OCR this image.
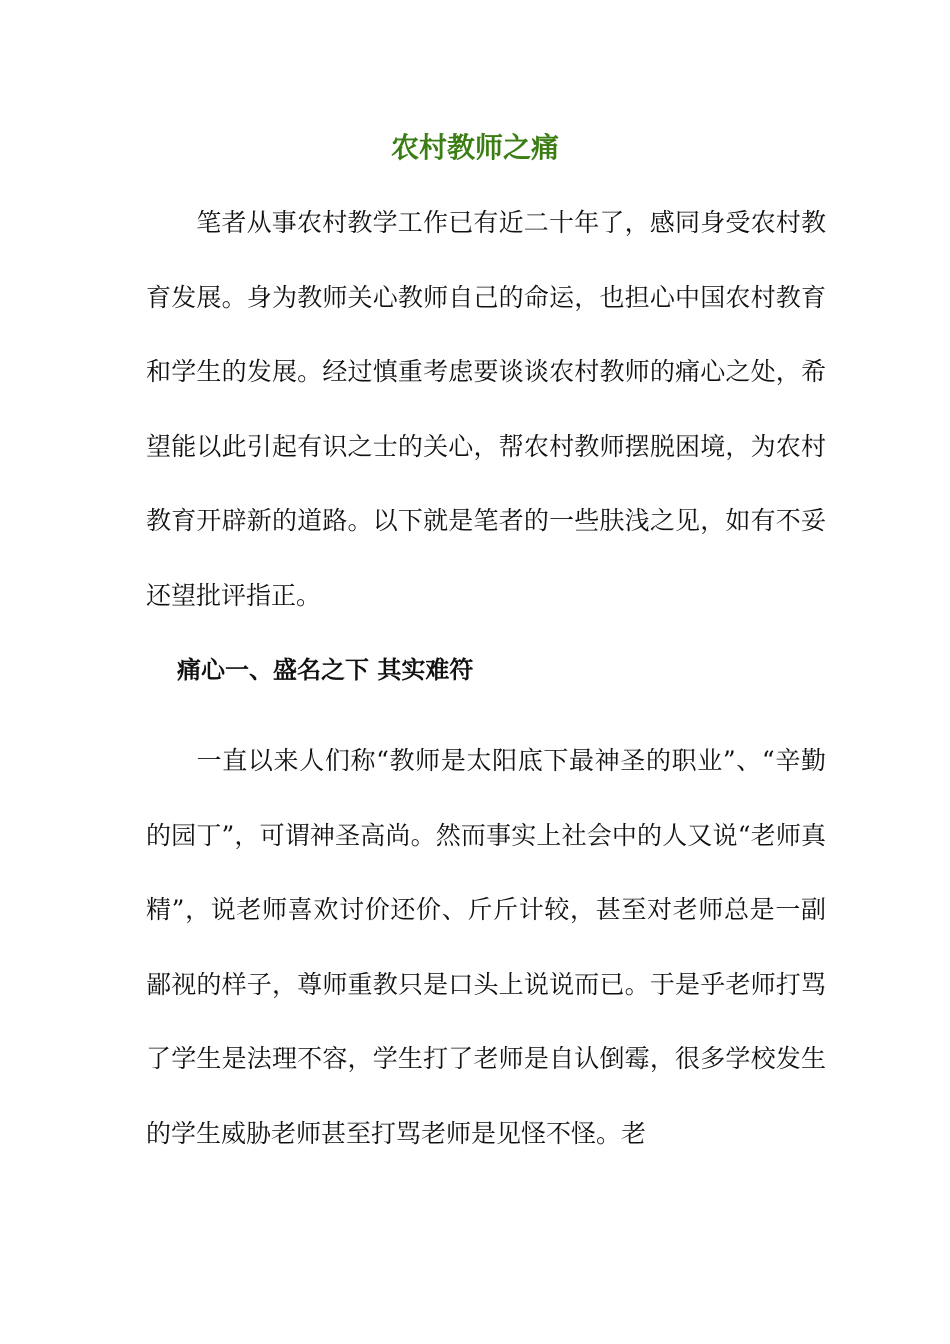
农村教师之痛

笔者从事农村教学工作已有近二十年了，感同身受农村教育发展。身为教师关心教师自己的命运，也担心中国农村教育和学生的发展。经过慎重考虑要谈谈农村教师的痛心之处，希望能以此引起有识之士的关心，帮农村教师摆脱困境，为农村教育开辟新的道路。以下就是笔者的一些肤浅之见，如有不妥还望批评指正。

痛心一、盛名之下 其实难符

一直以来人们称“教师是太阳底下最神圣的职业”、“辛勤的园丁”，可谓神圣高尚。然而事实上社会中的人又说“老师真精”，说老师喜欢讨价还价、斤斤计较，甚至对老师总是一副鄙视的样子，尊师重教只是口头上说说而已。于是乎老师打骂了学生是法理不容，学生打了老师是自认倒霉，很多学校发生的学生威胁老师甚至打骂老师是见怪不怪。老
